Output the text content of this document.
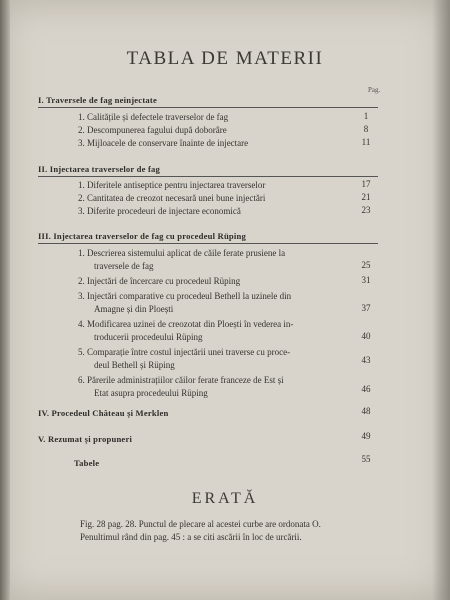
TABLA DE MATERII
Pag.
I. Traversele de fag neinjectate
1. Calitățile și defectele traverselor de fag	1
2. Descompunerea fagului după doborâre	8
3. Mijloacele de conservare înainte de injectare	11
II. Injectarea traverselor de fag
1. Diferitele antiseptice pentru injectarea traverselor	17
2. Cantitatea de creozot necesară unei bune injectări	21
3. Diferite procedeuri de injectare economică	23
III. Injectarea traverselor de fag cu procedeul Rüping
1. Descrierea sistemului aplicat de căile ferate prusiene la
traversele de fag	25
2. Injectări de încercare cu procedeul Rüping	31
3. Injectări comparative cu procedeul Bethell la uzinele din
Amagne și din Ploești	37
4. Modificarea uzinei de creozotat din Ploești în vederea in-
troducerii procedeului Rüping	40
5. Comparație între costul injectării unei traverse cu proce-
deul Bethell și Rüping	43
6. Părerile administrațiilor căilor ferate franceze de Est și
Etat asupra procedeului Rüping	46
IV. Procedeul Château și Merklen	48
V. Rezumat și propuneri	49
Tabele	55
ERATĂ
Fig. 28 pag. 28. Punctul de plecare al acestei curbe are ordonata O.
Penultimul rând din pag. 45 : a se citi ascării în loc de urcării.
